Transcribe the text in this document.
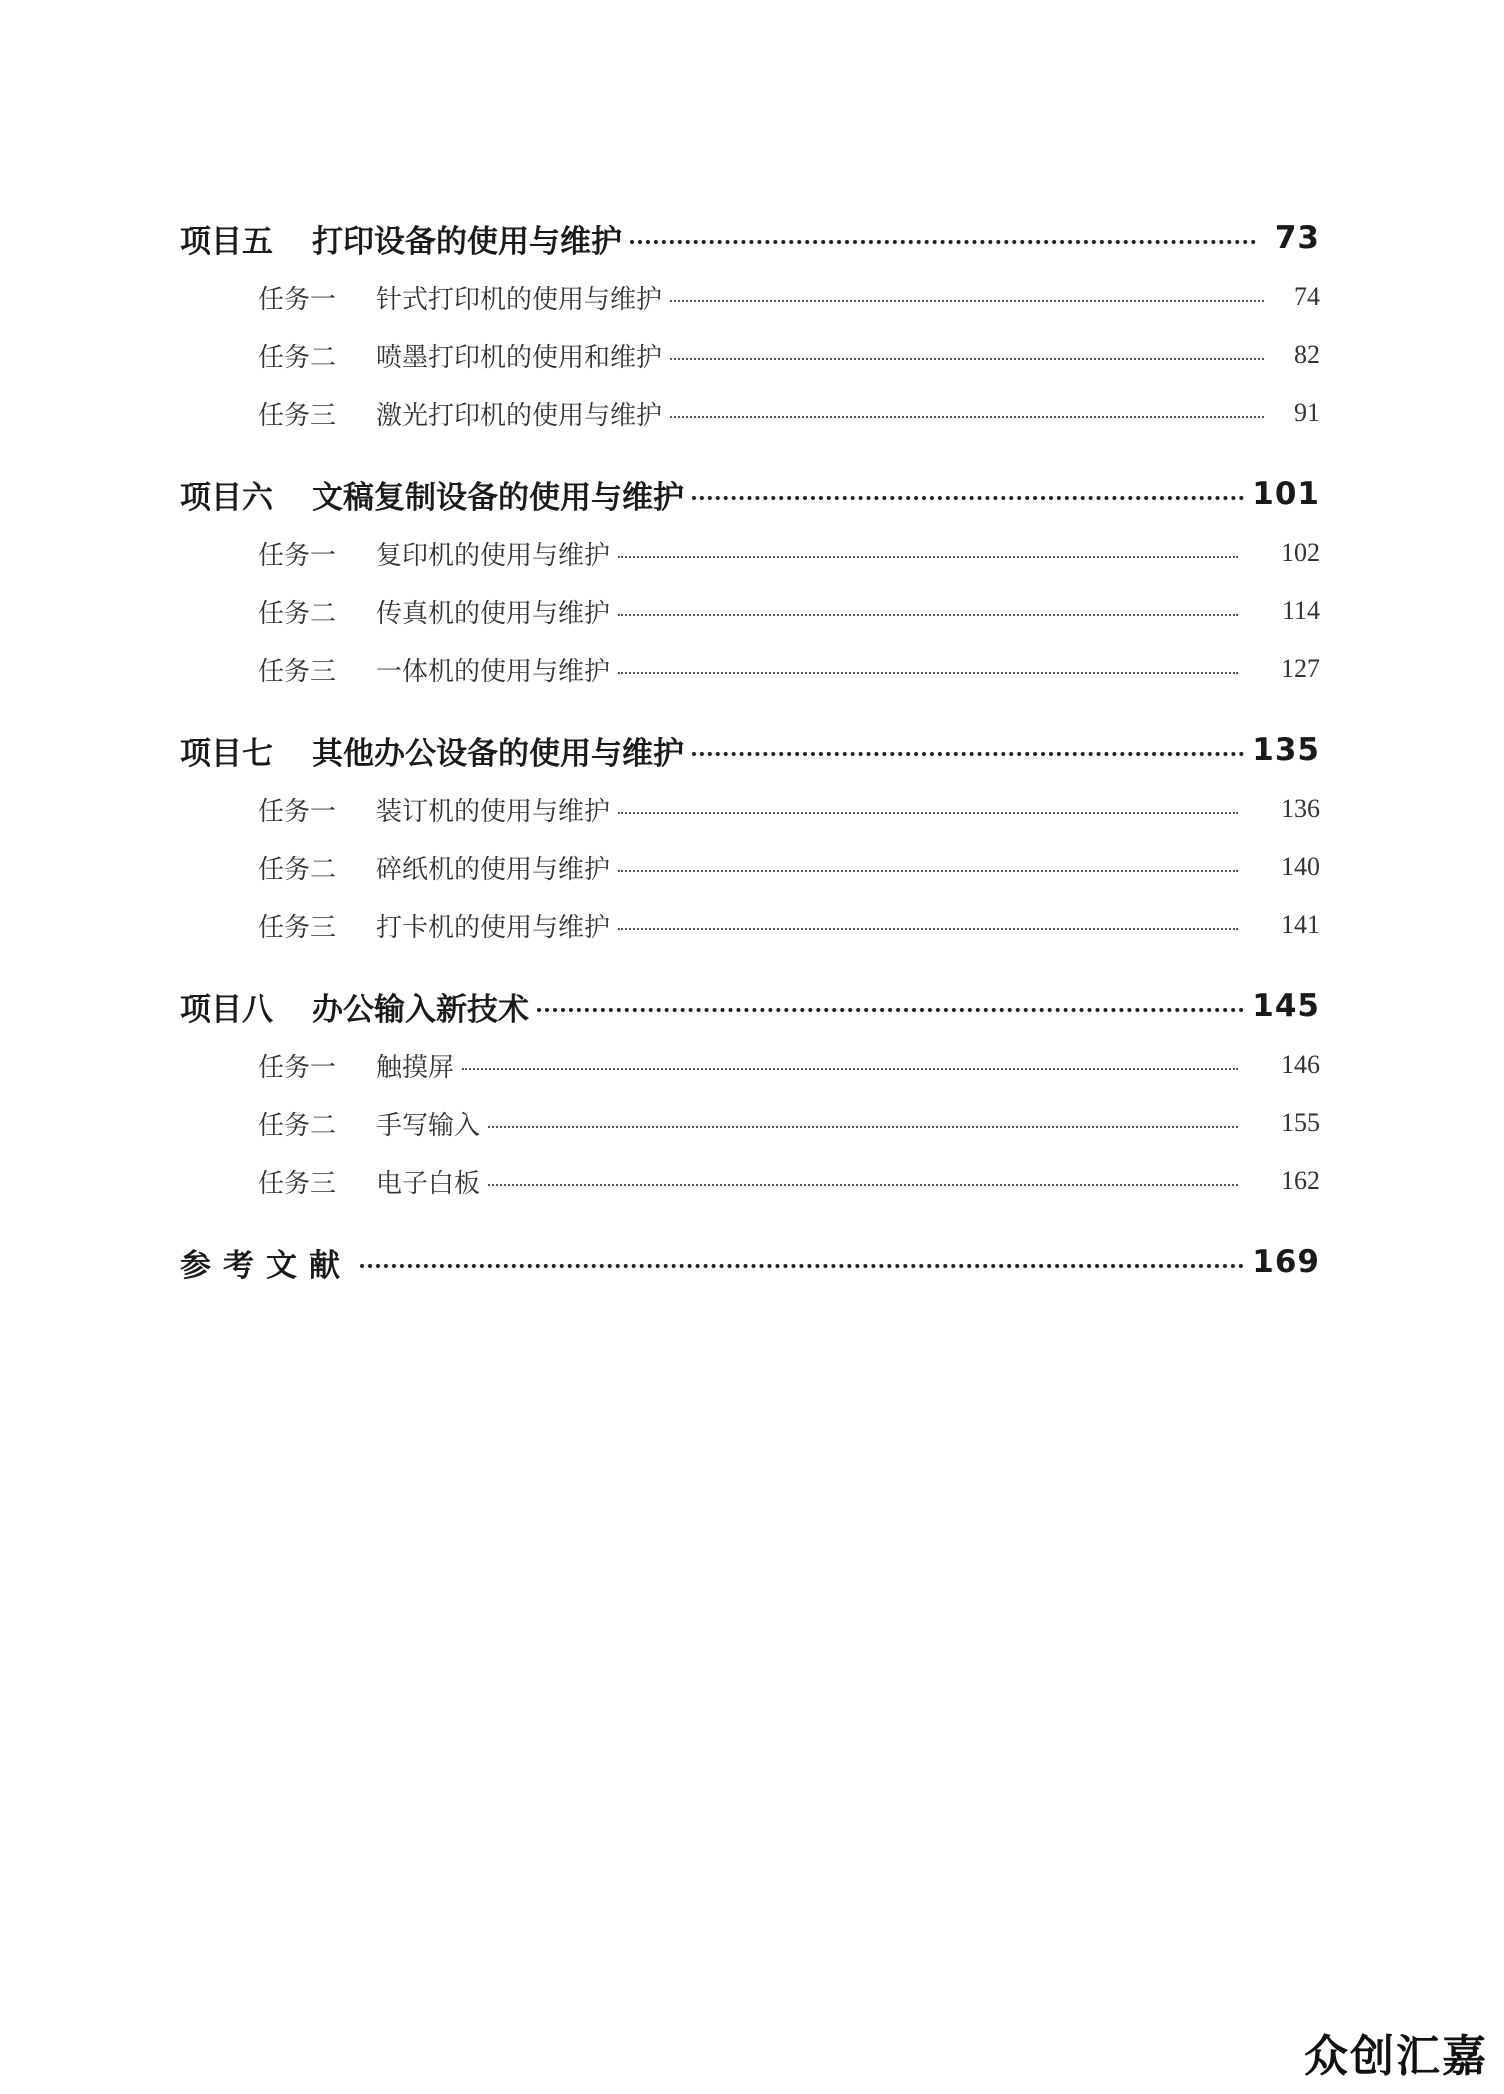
项目五 打印设备的使用与维护	73
任务一 针式打印机的使用与维护	74
任务二 喷墨打印机的使用和维护	82
任务三 激光打印机的使用与维护	91
项目六 文稿复制设备的使用与维护	101
任务一 复印机的使用与维护	102
任务二 传真机的使用与维护	114
任务三 一体机的使用与维护	127
项目七 其他办公设备的使用与维护	135
任务一 装订机的使用与维护	136
任务二 碎纸机的使用与维护	140
任务三 打卡机的使用与维护	141
项目八 办公输入新技术	145
任务一 触摸屏	146
任务二 手写输入	155
任务三 电子白板	162
参考文献	169
众创汇嘉
